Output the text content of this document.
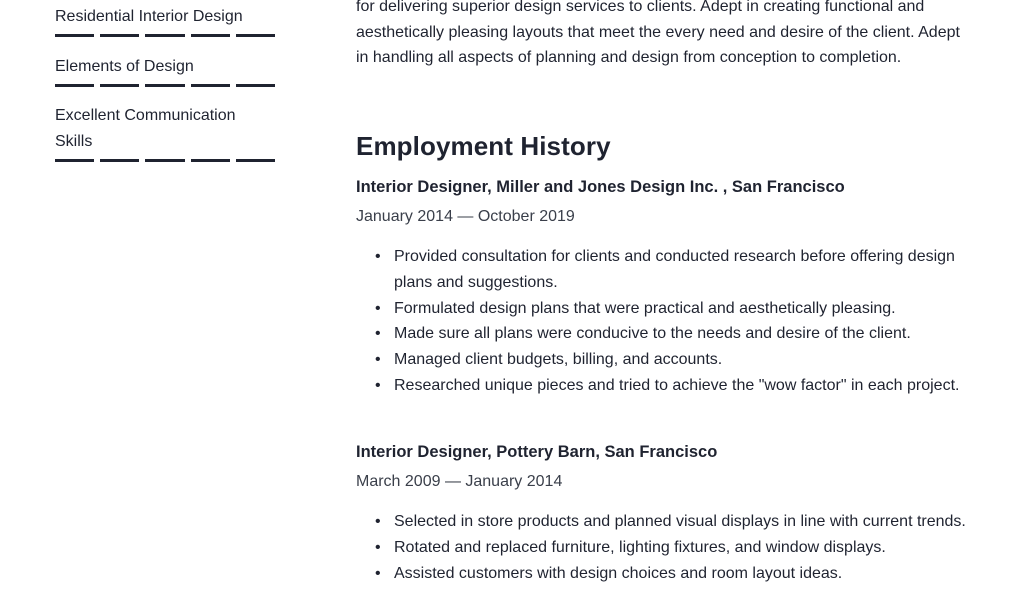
Residential Interior Design

Elements of Design

Excellent Communication Skills

for delivering superior design services to clients. Adept in creating functional and aesthetically pleasing layouts that meet the every need and desire of the client. Adept in handling all aspects of planning and design from conception to completion.

Employment History

Interior Designer, Miller and Jones Design Inc. , San Francisco

January 2014 — October 2019

• Provided consultation for clients and conducted research before offering design plans and suggestions.
• Formulated design plans that were practical and aesthetically pleasing.
• Made sure all plans were conducive to the needs and desire of the client.
• Managed client budgets, billing, and accounts.
• Researched unique pieces and tried to achieve the "wow factor" in each project.

Interior Designer, Pottery Barn, San Francisco

March 2009 — January 2014

• Selected in store products and planned visual displays in line with current trends.
• Rotated and replaced furniture, lighting fixtures, and window displays.
• Assisted customers with design choices and room layout ideas.
